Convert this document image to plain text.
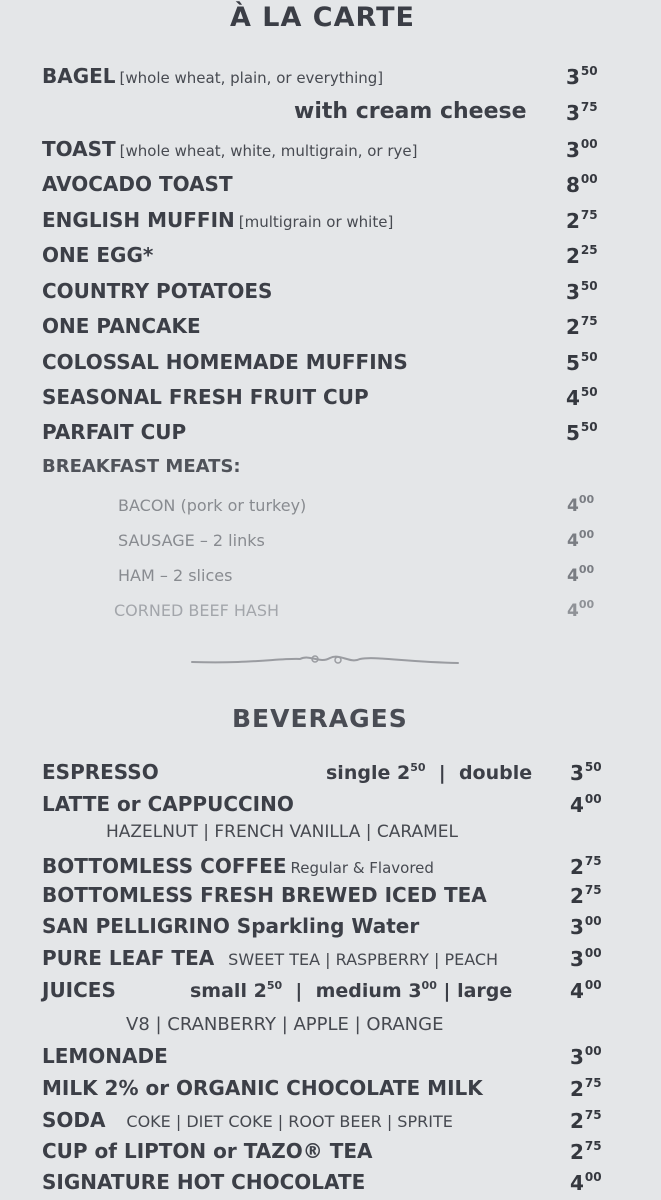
À LA CARTE
BAGEL [whole wheat, plain, or everything]	$3^{50}$
with cream cheese $3^{75}$
TOAST [whole wheat, white, multigrain, or rye]	$3^{00}$
AVOCADO TOAST	$8^{00}$
ENGLISH MUFFIN [multigrain or white]	$2^{75}$
ONE EGG*	$2^{25}$
COUNTRY POTATOES	$3^{50}$
ONE PANCAKE	$2^{75}$
COLOSSAL HOMEMADE MUFFINS	$5^{50}$
SEASONAL FRESH FRUIT CUP	$4^{50}$
PARFAIT CUP	$5^{50}$
BREAKFAST MEATS:
BACON (pork or turkey)	$4^{00}$
SAUSAGE – 2 links	$4^{00}$
HAM – 2 slices	$4^{00}$
CORNED BEEF HASH	$4^{00}$
BEVERAGES
ESPRESSO	single $2^{50}$ | double $3^{50}$
LATTE or CAPPUCCINO	$4^{00}$
HAZELNUT | FRENCH VANILLA | CARAMEL
BOTTOMLESS COFFEE Regular & Flavored	$2^{75}$
BOTTOMLESS FRESH BREWED ICED TEA	$2^{75}$
SAN PELLIGRINO Sparkling Water	$3^{00}$
PURE LEAF TEA SWEET TEA | RASPBERRY | PEACH	$3^{00}$
JUICES	small $2^{50}$ | medium $3^{00}$ | large	$4^{00}$
V8 | CRANBERRY | APPLE | ORANGE
LEMONADE	$3^{00}$
MILK 2% or ORGANIC CHOCOLATE MILK	$2^{75}$
SODA COKE | DIET COKE | ROOT BEER | SPRITE	$2^{75}$
CUP of LIPTON or TAZO® TEA	$2^{75}$
SIGNATURE HOT CHOCOLATE	$4^{00}$
